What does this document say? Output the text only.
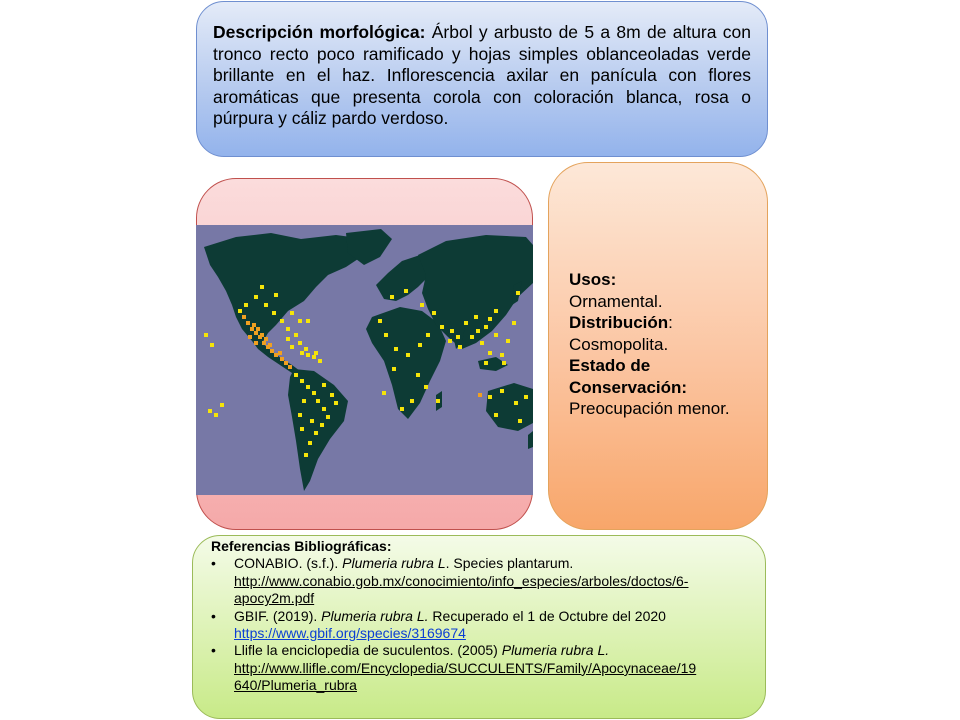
Descripción morfológica: Árbol y arbusto de 5 a 8m de altura con tronco recto poco ramificado y hojas simples oblanceoladas verde brillante en el haz. Inflorescencia axilar en panícula con flores aromáticas que presenta corola con coloración blanca, rosa o púrpura y cáliz pardo verdoso.
Usos:
Ornamental.
Distribución:
Cosmopolita.
Estado de
Conservación:
Preocupación menor.
Referencias Bibliográficas:
• CONABIO. (s.f.). Plumeria rubra L. Species plantarum.
http://www.conabio.gob.mx/conocimiento/info_especies/arboles/doctos/6-
apocy2m.pdf
• GBIF. (2019). Plumeria rubra L. Recuperado el 1 de Octubre del 2020
https://www.gbif.org/species/3169674
• Llifle la enciclopedia de suculentos. (2005) Plumeria rubra L.
http://www.llifle.com/Encyclopedia/SUCCULENTS/Family/Apocynaceae/19
640/Plumeria_rubra
